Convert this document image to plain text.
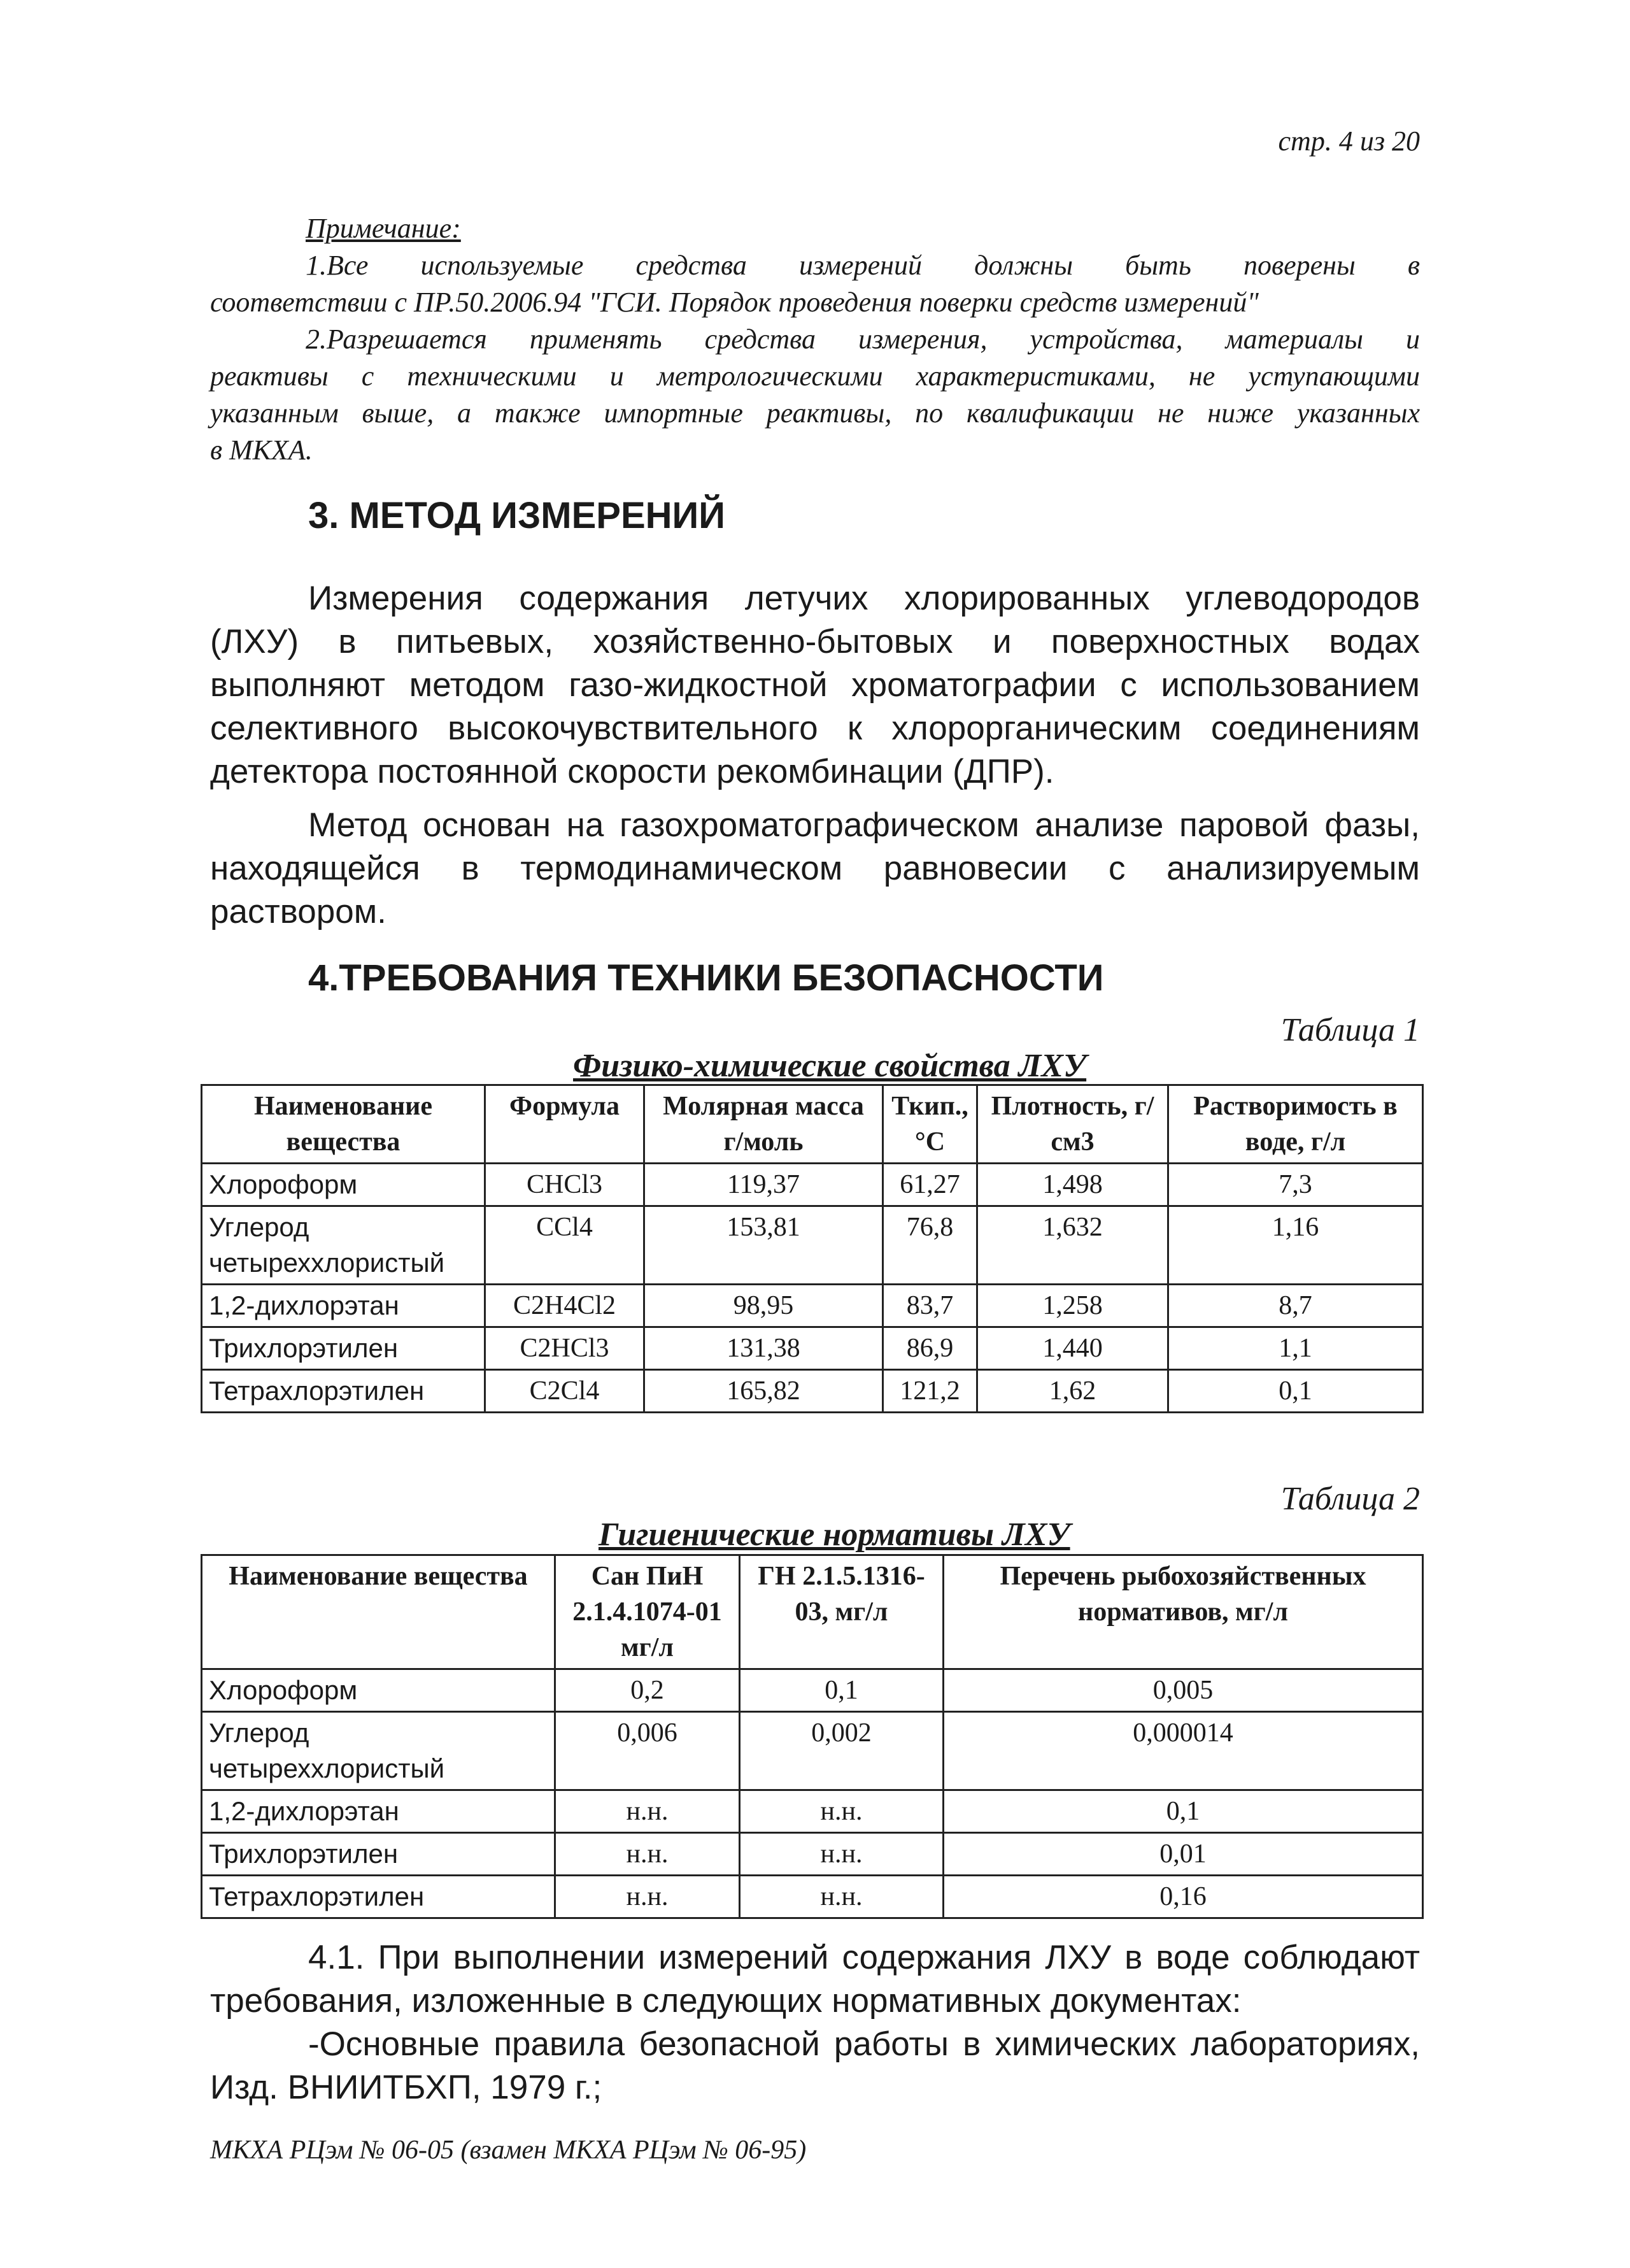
стр. 4 из 20

Примечание:

1.Все используемые средства измерений должны быть поверены в

соответствии с ПР.50.2006.94 "ГСИ. Порядок проведения поверки средств измерений"

2.Разрешается применять средства измерения, устройства, материалы и

реактивы с техническими и метрологическими характеристиками, не уступающими

указанным выше, а также импортные реактивы, по квалификации не ниже указанных

в МКХА.

3. МЕТОД ИЗМЕРЕНИЙ

Измерения содержания летучих хлорированных углеводородов

(ЛХУ) в питьевых, хозяйственно-бытовых и поверхностных водах

выполняют методом газо-жидкостной хроматографии с использованием

селективного высокочувствительного к хлорорганическим соединениям

детектора постоянной скорости рекомбинации (ДПР).

Метод основан на газохроматографическом анализе паровой фазы,

находящейся в термодинамическом равновесии с анализируемым

раствором.

4.ТРЕБОВАНИЯ ТЕХНИКИ БЕЗОПАСНОСТИ
Таблица 1
Физико-химические свойства ЛХУ
Наименование вещества	Формула	Молярная масса г/моль	Ткип., °С	Плотность, г/см3	Растворимость в воде, г/л
Хлороформ	CHCl3	119,37	61,27	1,498	7,3
Углерод четыреххлористый	CCl4	153,81	76,8	1,632	1,16
1,2-дихлорэтан	C2H4Cl2	98,95	83,7	1,258	8,7
Трихлорэтилен	C2HCl3	131,38	86,9	1,440	1,1
Тетрахлорэтилен	C2Cl4	165,82	121,2	1,62	0,1
Таблица 2
Гигиенические нормативы ЛХУ
Наименование вещества	Сан ПиН 2.1.4.1074-01 мг/л	ГН 2.1.5.1316-03, мг/л	Перечень рыбохозяйственных нормативов, мг/л
Хлороформ	0,2	0,1	0,005
Углерод четыреххлористый	0,006	0,002	0,000014
1,2-дихлорэтан	н.н.	н.н.	0,1
Трихлорэтилен	н.н.	н.н.	0,01
Тетрахлорэтилен	н.н.	н.н.	0,16

4.1. При выполнении измерений содержания ЛХУ в воде соблюдают

требования, изложенные в следующих нормативных документах:

-Основные правила безопасной работы в химических лабораториях,

Изд. ВНИИТБХП, 1979 г.;

МКХА РЦэм № 06-05 (взамен МКХА РЦэм № 06-95)
